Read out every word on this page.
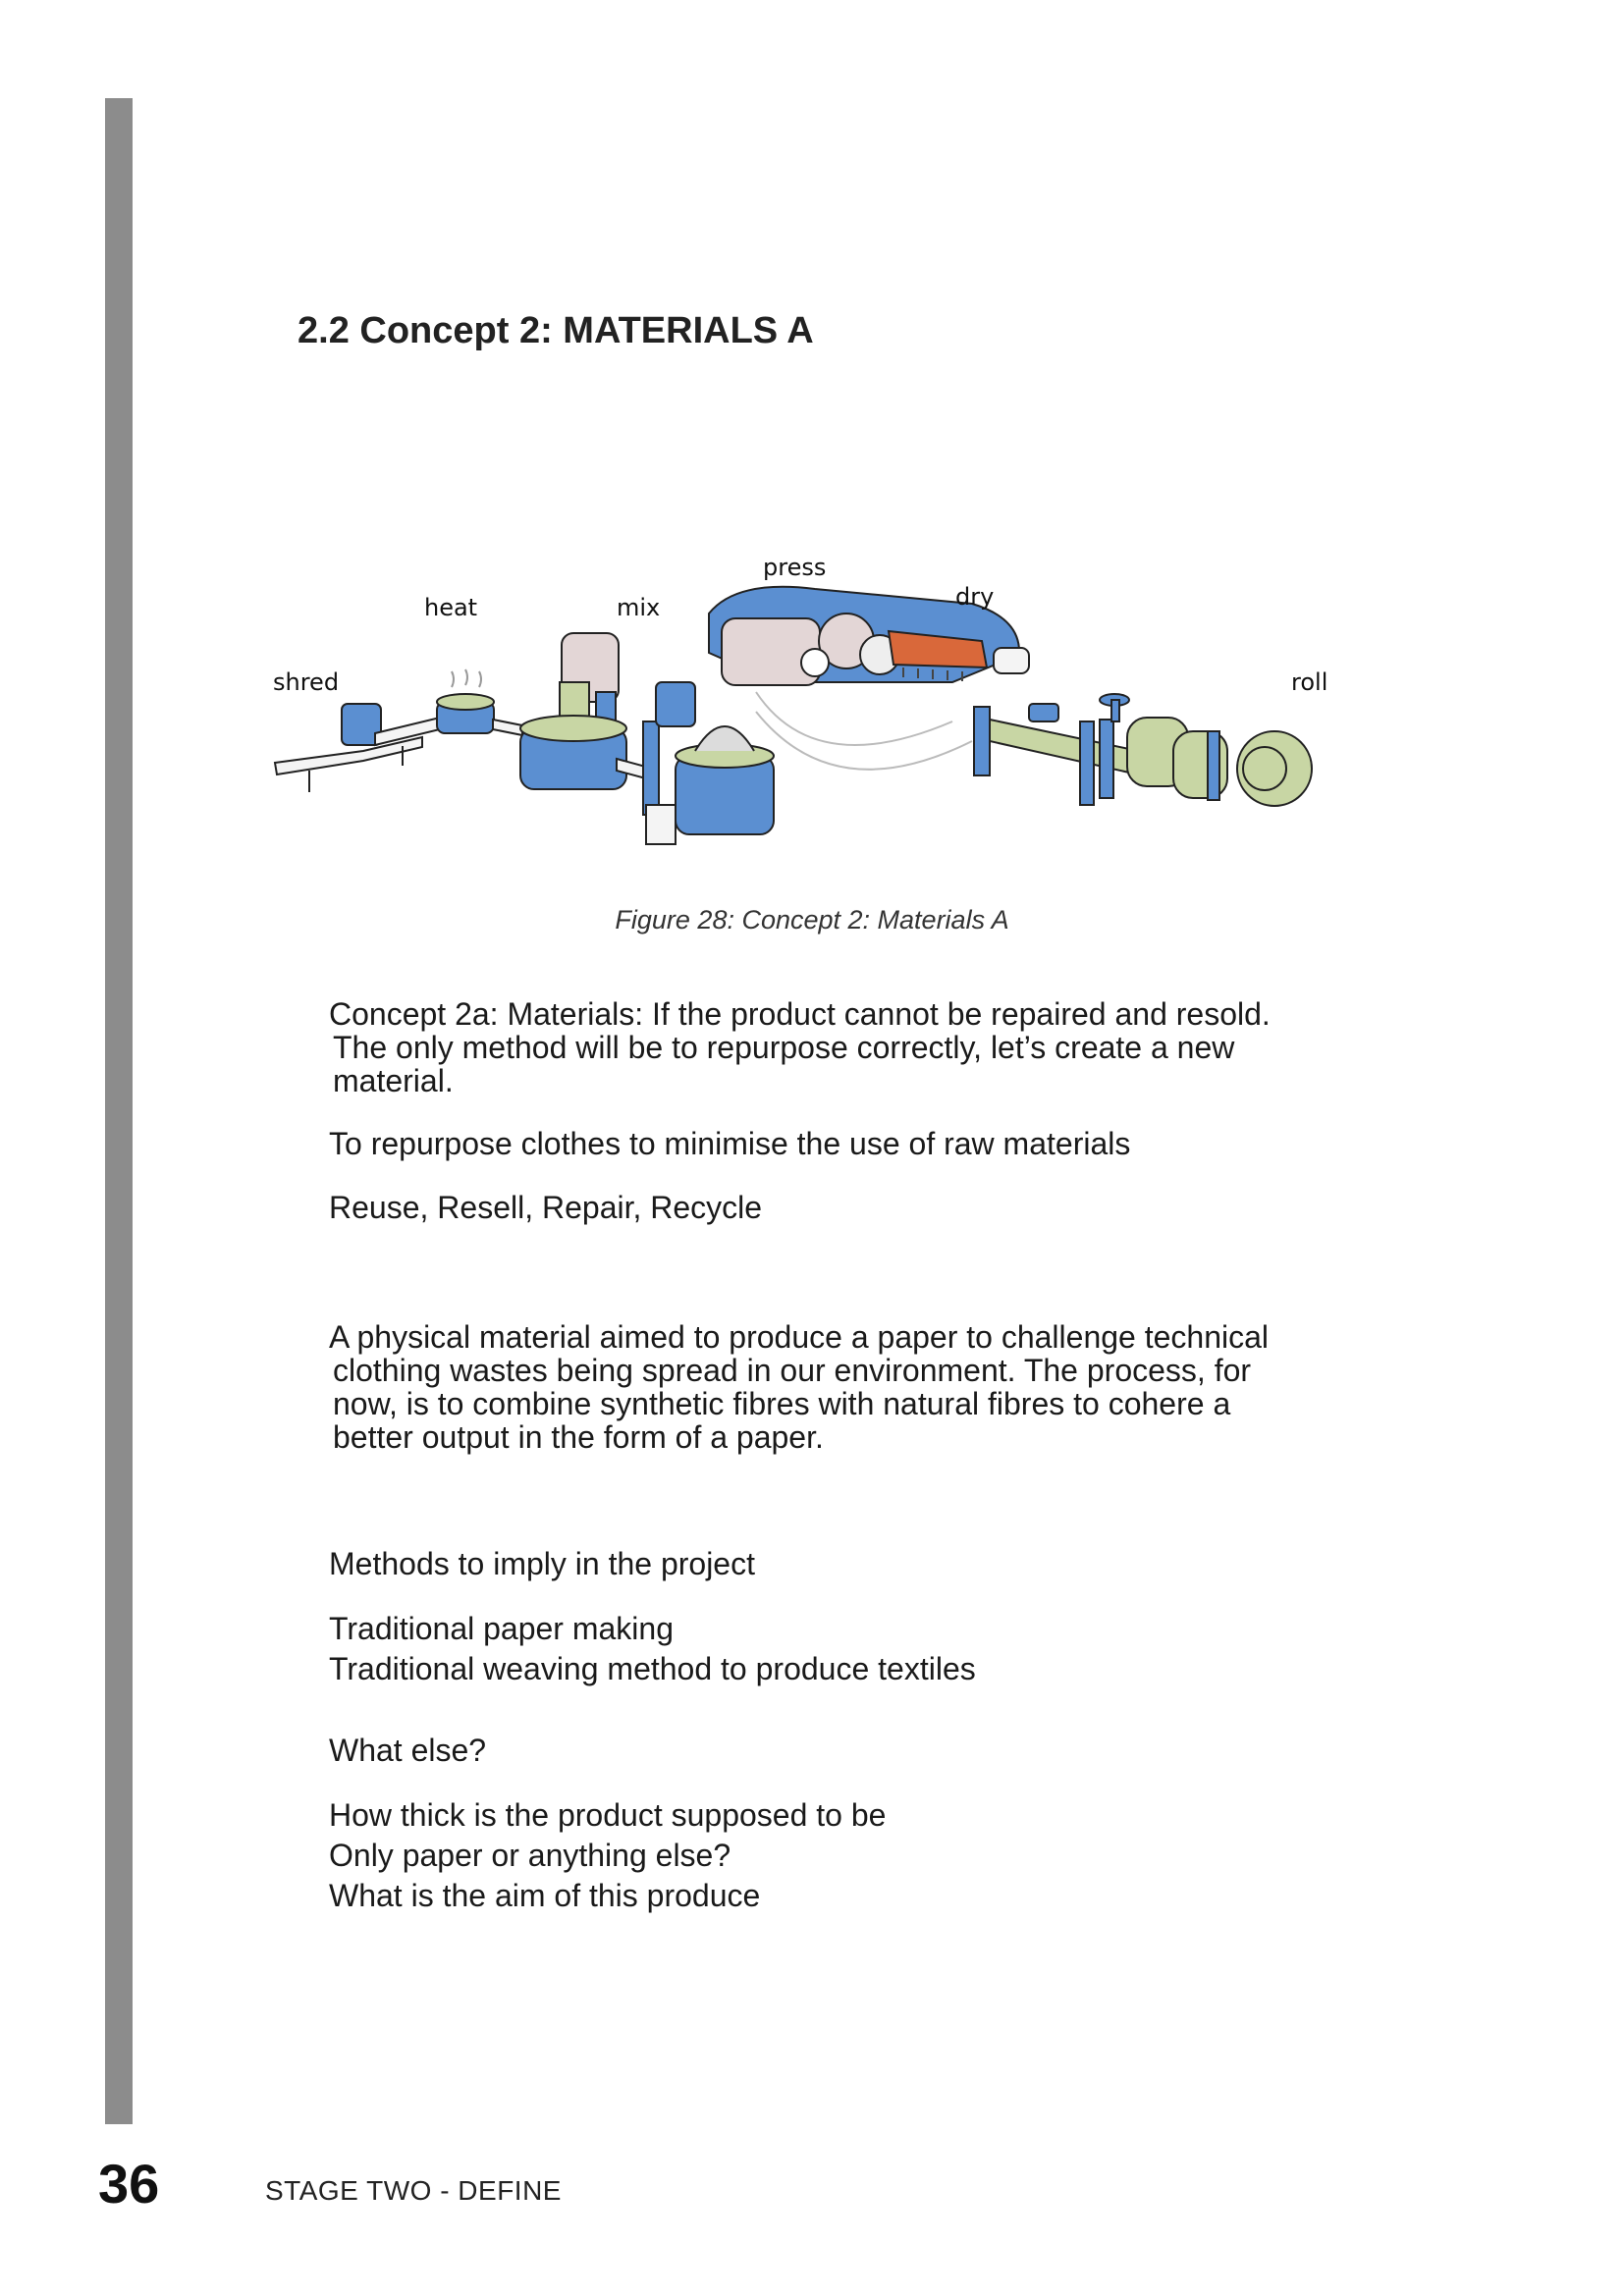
2.2 Concept 2: MATERIALS A
shred
heat	mix
press
dry
roll
Figure 28: Concept 2: Materials A

Concept 2a: Materials: If the product cannot be repaired and resold.

The only method will be to repurpose correctly, let’s create a new

material.

To repurpose clothes to minimise the use of raw materials

Reuse, Resell, Repair, Recycle

A physical material aimed to produce a paper to challenge technical

clothing wastes being spread in our environment. The process, for

now, is to combine synthetic fibres with natural fibres to cohere a

better output in the form of a paper.

Methods to imply in the project

Traditional paper making

Traditional weaving method to produce textiles

What else?

How thick is the product supposed to be

Only paper or anything else?

What is the aim of this produce

36	STAGE TWO - DEFINE
